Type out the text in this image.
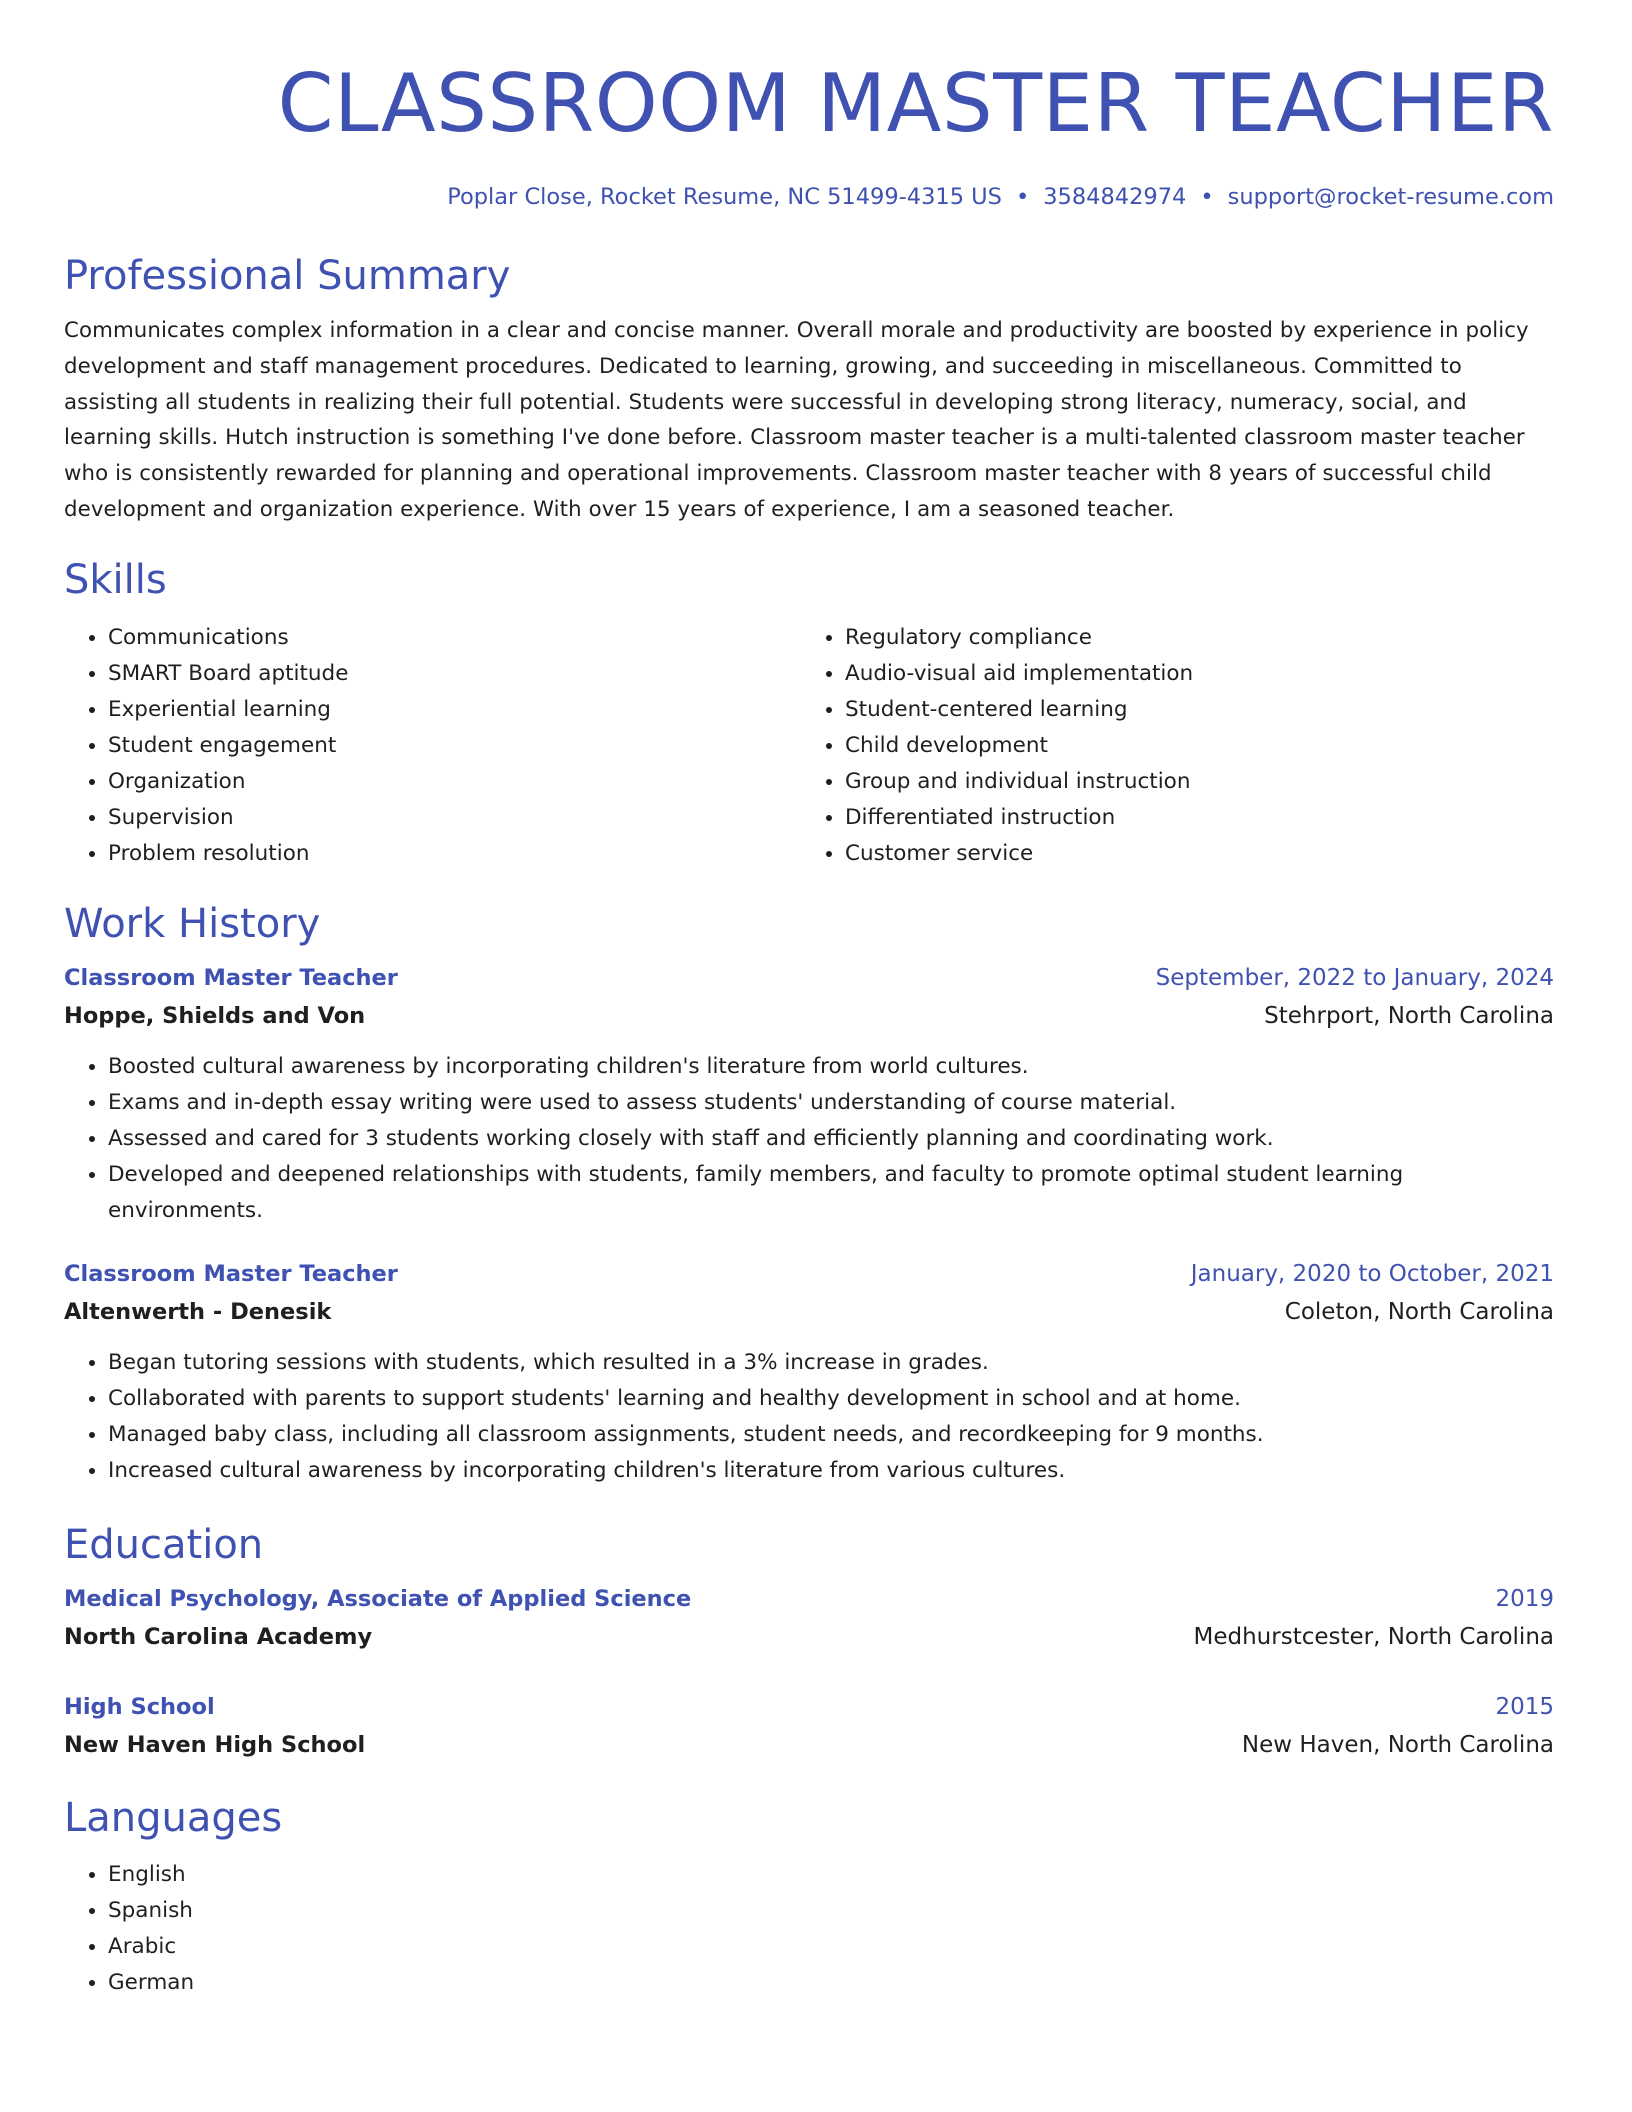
CLASSROOM MASTER TEACHER
Poplar Close, Rocket Resume, NC 51499-4315 US • 3584842974 • support@rocket-resume.com
Professional Summary
Communicates complex information in a clear and concise manner. Overall morale and productivity are boosted by experience in policy development and staff management procedures. Dedicated to learning, growing, and succeeding in miscellaneous. Committed to assisting all students in realizing their full potential. Students were successful in developing strong literacy, numeracy, social, and learning skills. Hutch instruction is something I've done before. Classroom master teacher is a multi-talented classroom master teacher who is consistently rewarded for planning and operational improvements. Classroom master teacher with 8 years of successful child development and organization experience. With over 15 years of experience, I am a seasoned teacher.
Skills
• Communications
• SMART Board aptitude
• Experiential learning
• Student engagement
• Organization
• Supervision
• Problem resolution
• Regulatory compliance
• Audio-visual aid implementation
• Student-centered learning
• Child development
• Group and individual instruction
• Differentiated instruction
• Customer service
Work History
Classroom Master Teacher	September, 2022 to January, 2024
Hoppe, Shields and Von	Stehrport, North Carolina
• Boosted cultural awareness by incorporating children's literature from world cultures.
• Exams and in-depth essay writing were used to assess students' understanding of course material.
• Assessed and cared for 3 students working closely with staff and efficiently planning and coordinating work.
• Developed and deepened relationships with students, family members, and faculty to promote optimal student learning environments.
Classroom Master Teacher	January, 2020 to October, 2021
Altenwerth - Denesik	Coleton, North Carolina
• Began tutoring sessions with students, which resulted in a 3% increase in grades.
• Collaborated with parents to support students' learning and healthy development in school and at home.
• Managed baby class, including all classroom assignments, student needs, and recordkeeping for 9 months.
• Increased cultural awareness by incorporating children's literature from various cultures.
Education
Medical Psychology, Associate of Applied Science	2019
North Carolina Academy	Medhurstcester, North Carolina
High School	2015
New Haven High School	New Haven, North Carolina
Languages
• English
• Spanish
• Arabic
• German
